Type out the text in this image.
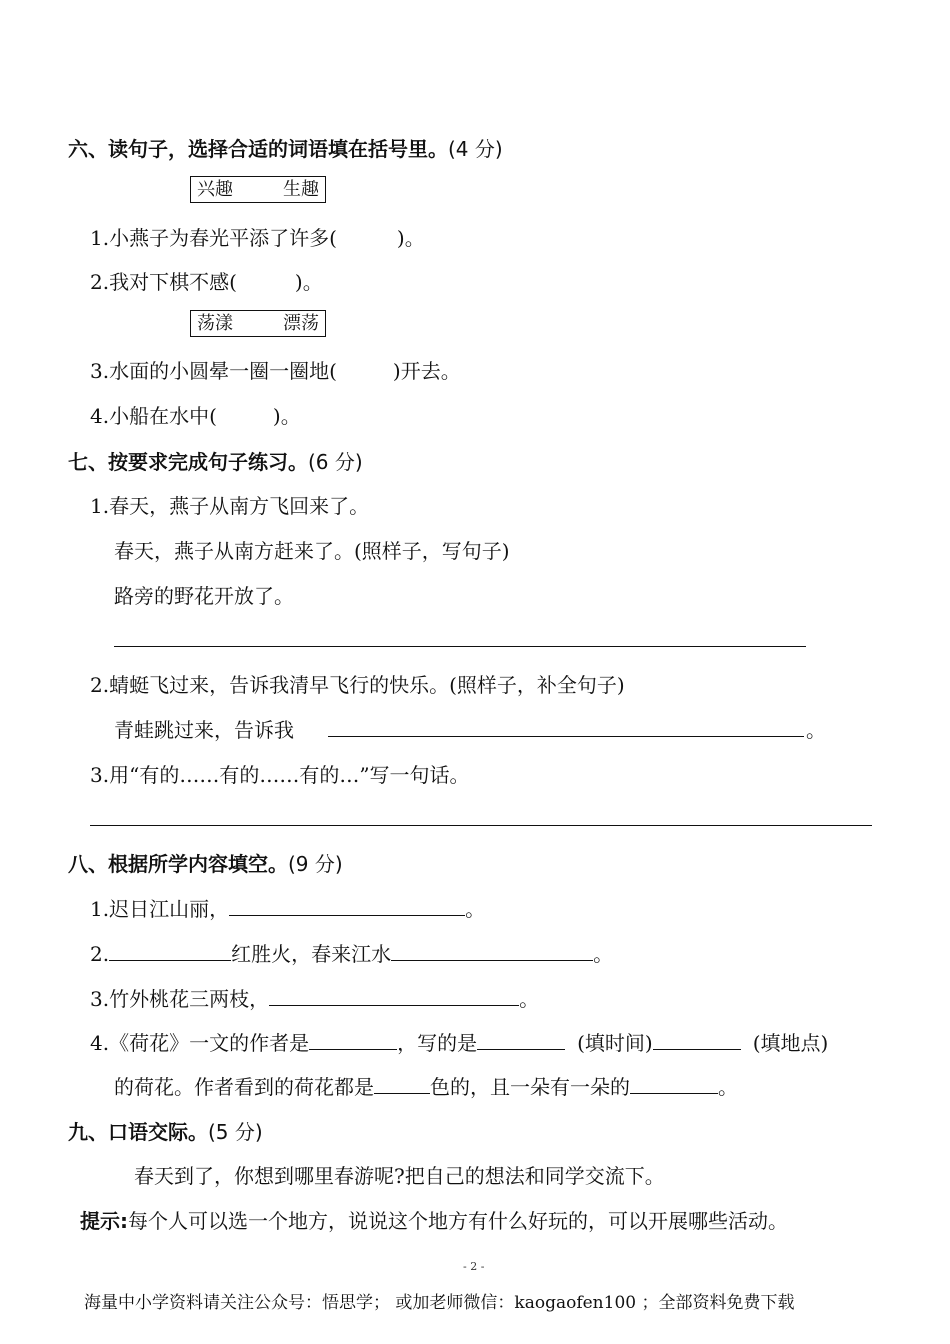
六、读句子，选择合适的词语填在括号里。(4 分)
兴趣	生趣
1.小燕子为春光平添了许多(	)。
2.我对下棋不感(	)。
荡漾	漂荡
3.水面的小圆晕一圈一圈地(	)开去。
4.小船在水中(	)。
七、按要求完成句子练习。(6 分)
1.春天，燕子从南方飞回来了。
春天，燕子从南方赶来了。(照样子，写句子)
路旁的野花开放了。
2.蜻蜓飞过来，告诉我清早飞行的快乐。(照样子，补全句子)
青蛙跳过来，告诉我	。
3.用“有的……有的……有的…”写一句话。
八、根据所学内容填空。(9 分)
1.迟日江山丽，	。
2.	红胜火，春来江水	。
3.竹外桃花三两枝，	。
4.《荷花》一文的作者是	，写的是	(填时间)	(填地点)
的荷花。作者看到的荷花都是	色的，且一朵有一朵的	。
九、口语交际。(5 分)
春天到了，你想到哪里春游呢?把自己的想法和同学交流下。
提示:每个人可以选一个地方，说说这个地方有什么好玩的，可以开展哪些活动。
- 2 -
海量中小学资料请关注公众号：悟思学； 或加老师微信：kaogaofen100 ；全部资料免费下载
